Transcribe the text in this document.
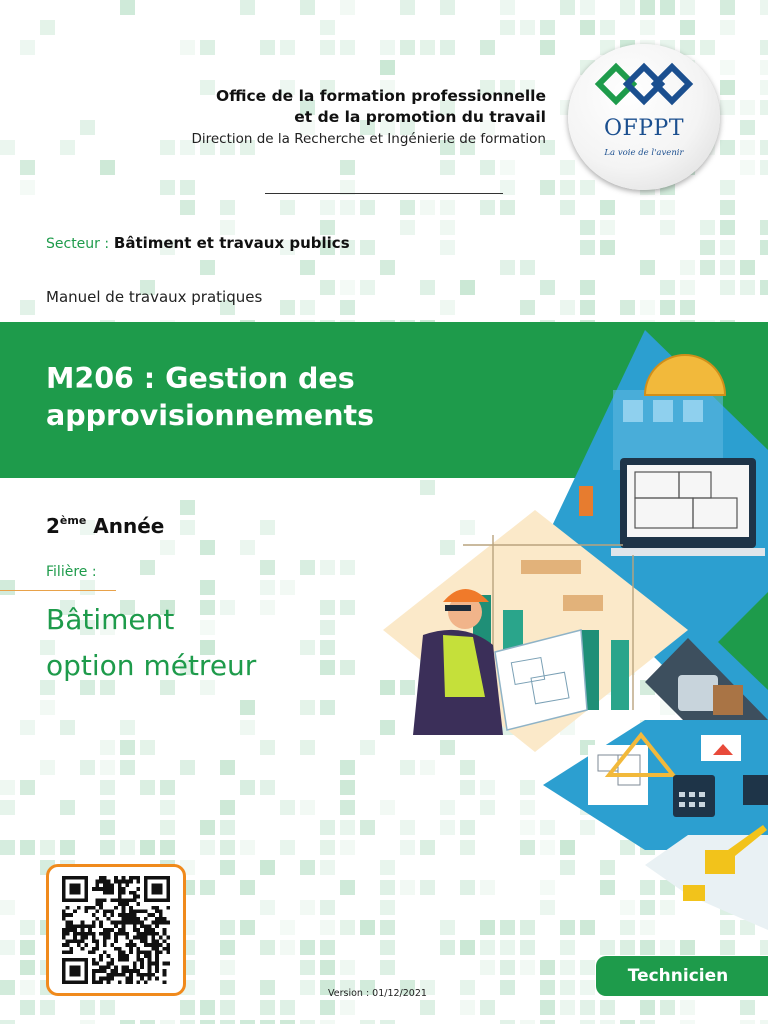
Office de la formation professionnelle
et de la promotion du travail
Direction de la Recherche et Ingénierie de formation	OFPPT
La voie de l'avenir
Secteur : Bâtiment et travaux publics
Manuel de travaux pratiques
M206 : Gestion des
approvisionnements
2ème Année
Filière :
Bâtiment
option métreur
Version : 01/12/2021
Technicien
